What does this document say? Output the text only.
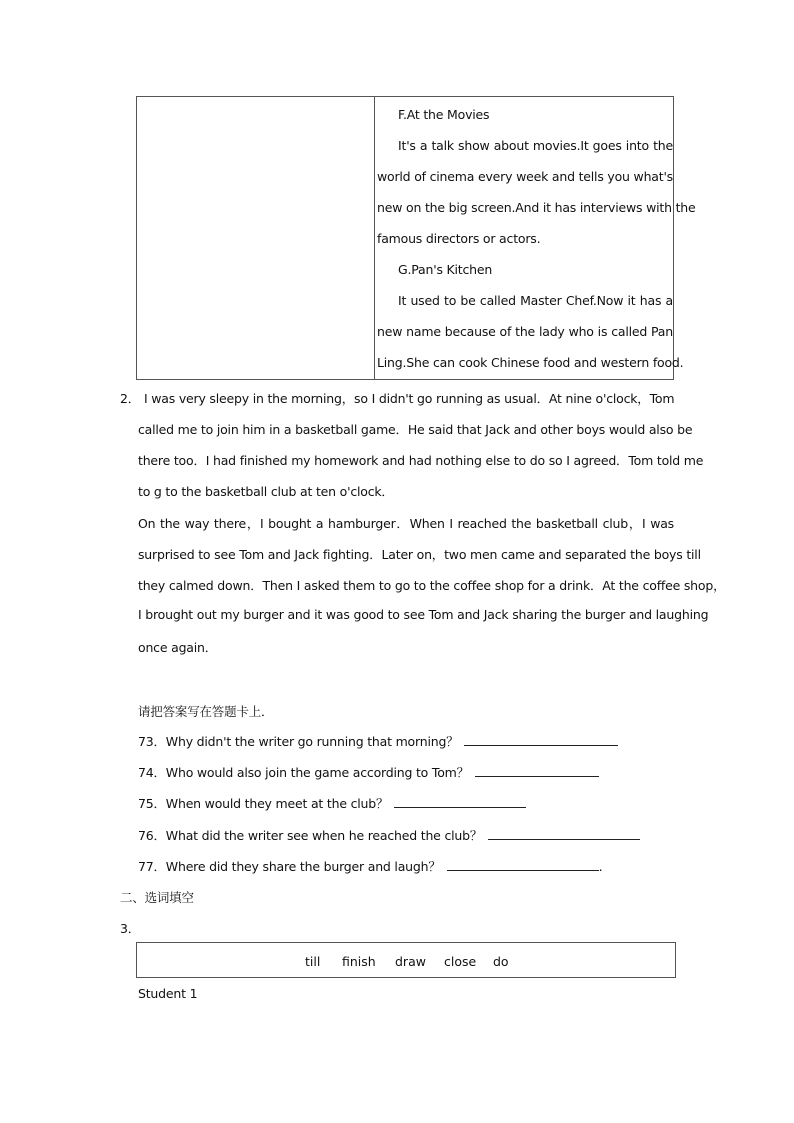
F.At the Movies
It's a talk show about movies.It goes into the
world of cinema every week and tells you what's
new on the big screen.And it has interviews with the
famous directors or actors.
G.Pan's Kitchen
It used to be called Master Chef.Now it has a
new name because of the lady who is called Pan
Ling.She can cook Chinese food and western food.
2． I was very sleepy in the morning，so I didn't go running as usual．At nine o'clock，Tom
called me to join him in a basketball game．He said that Jack and other boys would also be
there too．I had finished my homework and had nothing else to do so I agreed．Tom told me
to g to the basketball club at ten o'clock．
On the way there，I bought a hamburger．When I reached the basketball club，I was
surprised to see Tom and Jack fighting．Later on，two men came and separated the boys till
they calmed down．Then I asked them to go to the coffee shop for a drink．At the coffee shop，
I brought out my burger and it was good to see Tom and Jack sharing the burger and laughing
once again．
请把答案写在答题卡上．
73．Why didn't the writer go running that morning？
74．Who would also join the game according to Tom？
75．When would they meet at the club？
76．What did the writer see when he reached the club？
77．Where did they share the burger and laugh？	.
二、选词填空
3．
till finish draw close do
Student 1
